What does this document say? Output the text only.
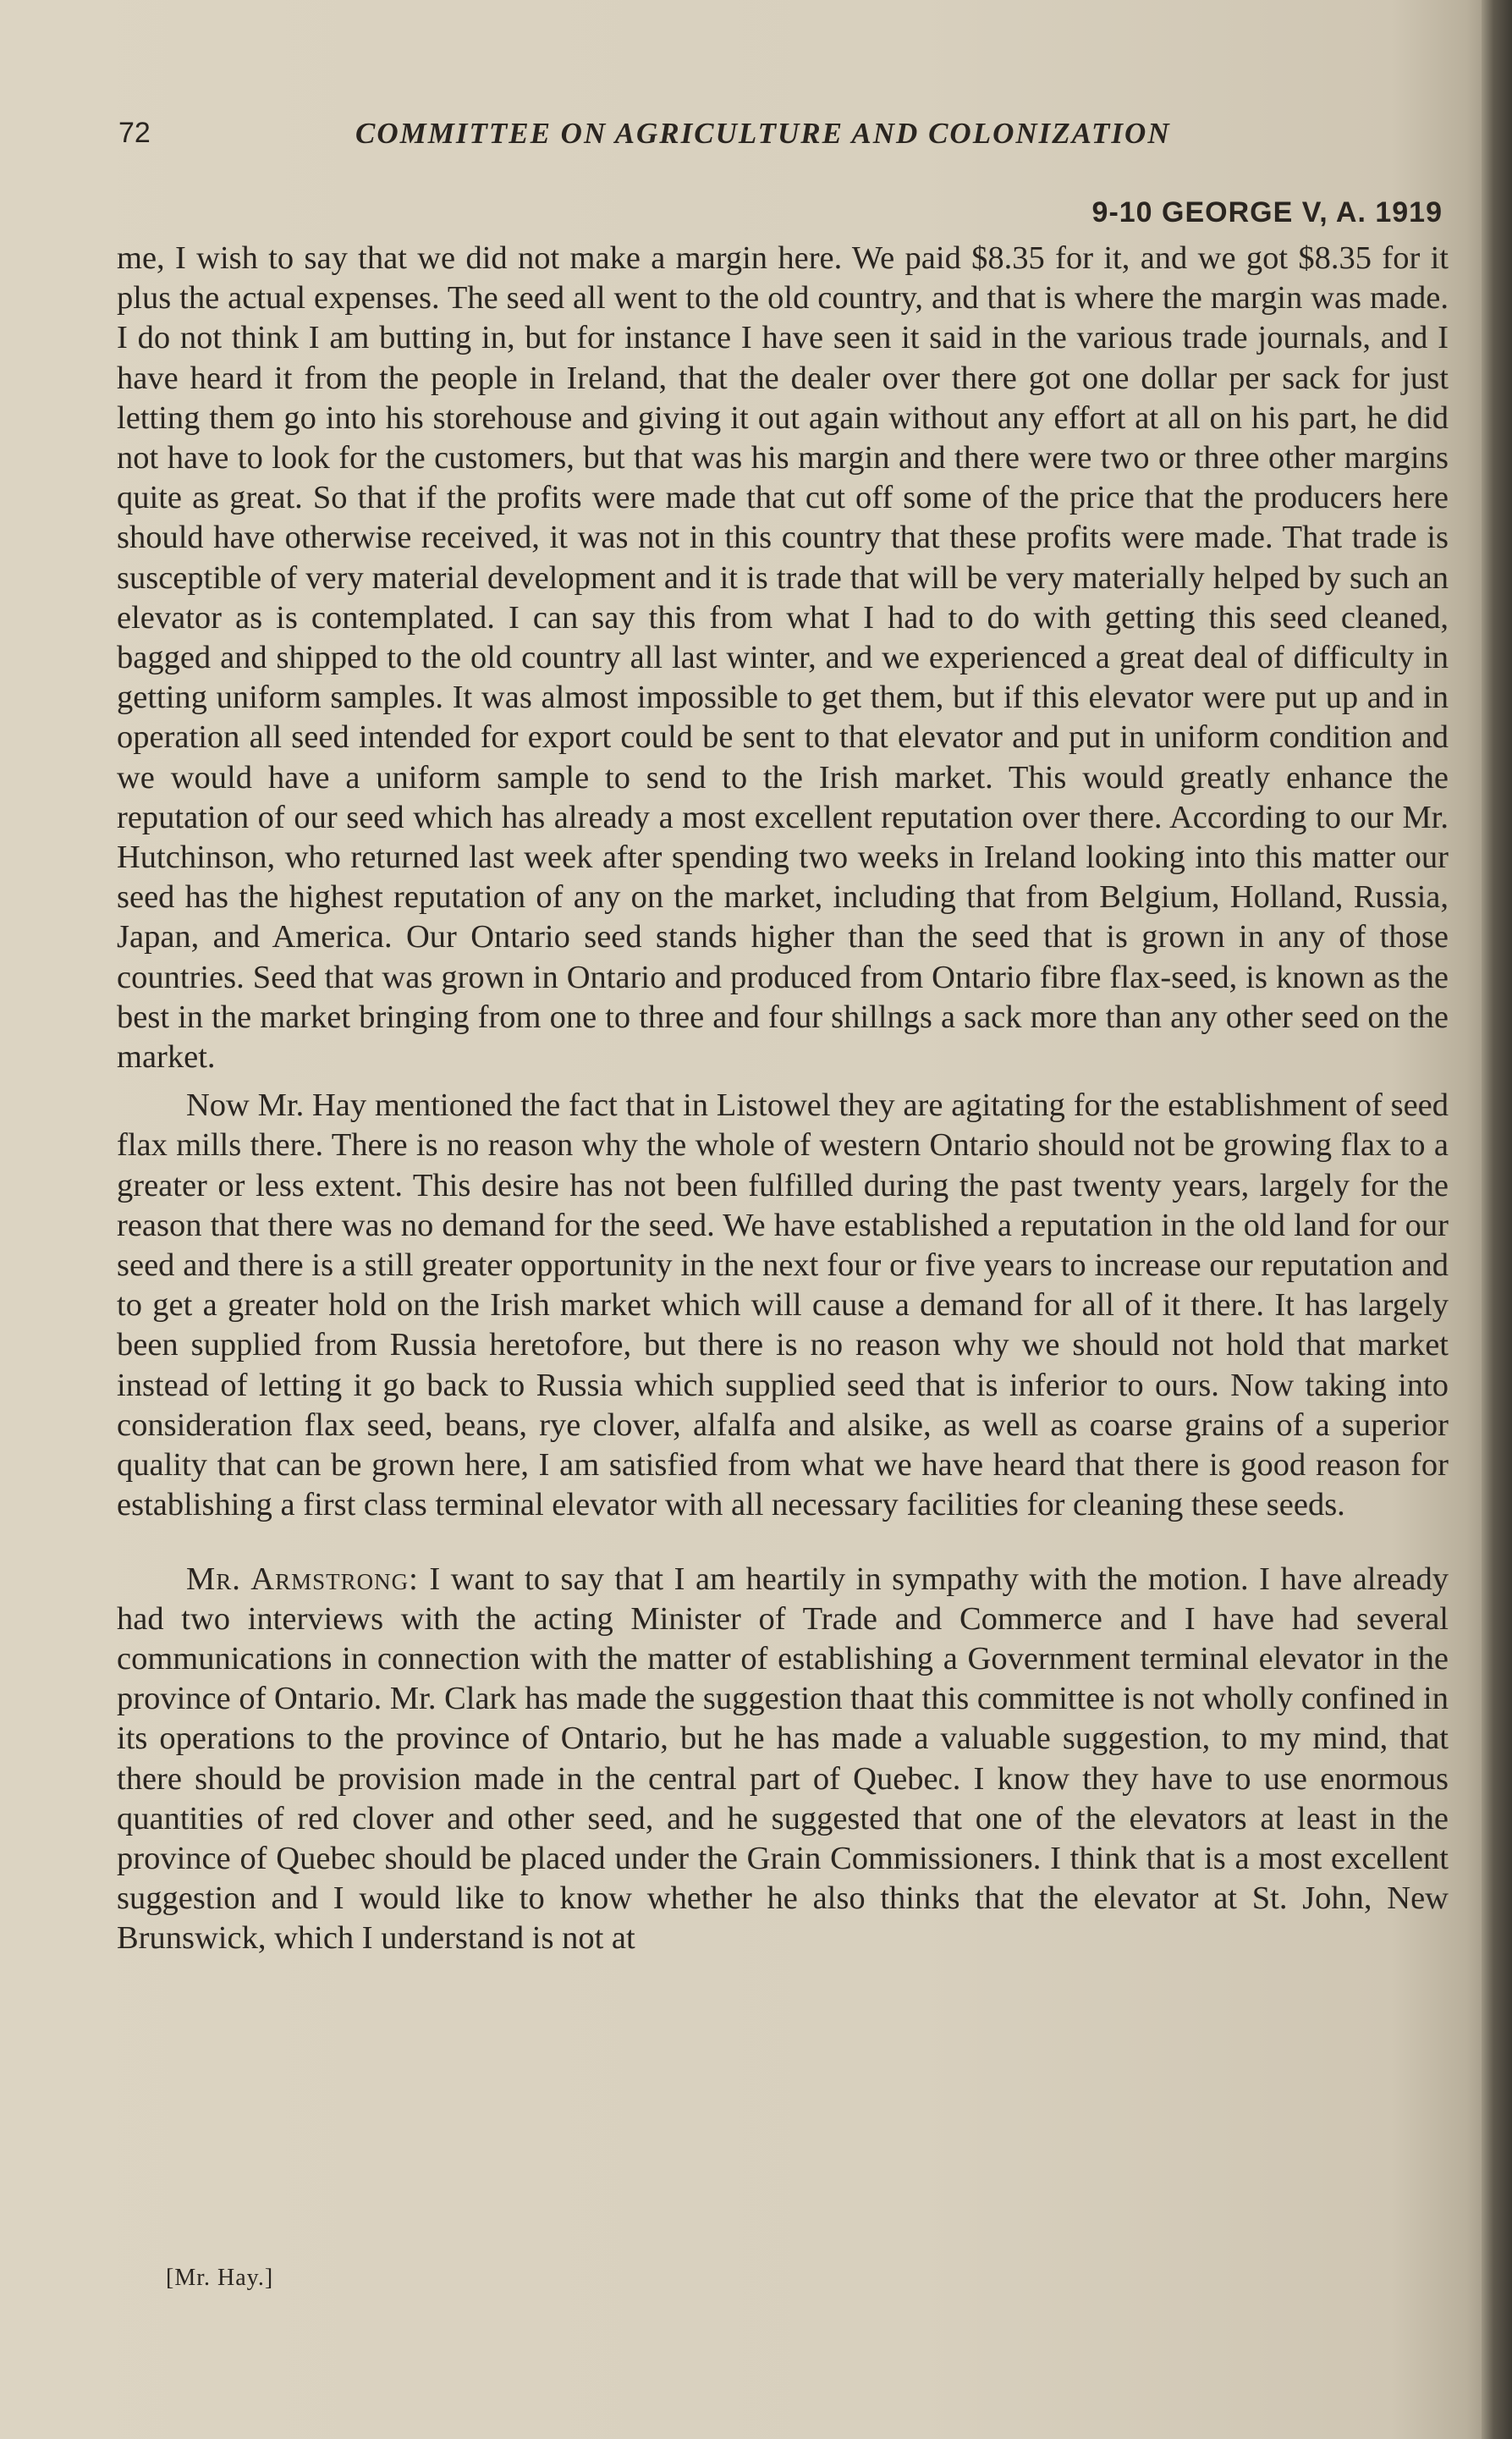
72	COMMITTEE ON AGRICULTURE AND COLONIZATION
9-10 GEORGE V, A. 1919

me, I wish to say that we did not make a margin here. We paid $8.35 for it, and we got $8.35 for it plus the actual expenses. The seed all went to the old country, and that is where the margin was made. I do not think I am butting in, but for instance I have seen it said in the various trade journals, and I have heard it from the people in Ireland, that the dealer over there got one dollar per sack for just letting them go into his storehouse and giving it out again without any effort at all on his part, he did not have to look for the customers, but that was his margin and there were two or three other margins quite as great. So that if the profits were made that cut off some of the price that the producers here should have otherwise received, it was not in this country that these profits were made. That trade is susceptible of very material development and it is trade that will be very materially helped by such an elevator as is contemplated. I can say this from what I had to do with getting this seed cleaned, bagged and shipped to the old country all last winter, and we experienced a great deal of difficulty in getting uniform samples. It was almost impossible to get them, but if this elevator were put up and in operation all seed intended for export could be sent to that elevator and put in uniform condition and we would have a uniform sample to send to the Irish market. This would greatly enhance the reputation of our seed which has already a most excellent reputation over there. According to our Mr. Hutchinson, who returned last week after spending two weeks in Ireland looking into this matter our seed has the highest reputation of any on the market, including that from Belgium, Holland, Russia, Japan, and America. Our Ontario seed stands higher than the seed that is grown in any of those countries. Seed that was grown in Ontario and produced from Ontario fibre flax-seed, is known as the best in the market bringing from one to three and four shillngs a sack more than any other seed on the market.

Now Mr. Hay mentioned the fact that in Listowel they are agitating for the establishment of seed flax mills there. There is no reason why the whole of western Ontario should not be growing flax to a greater or less extent. This desire has not been fulfilled during the past twenty years, largely for the reason that there was no demand for the seed. We have established a reputation in the old land for our seed and there is a still greater opportunity in the next four or five years to increase our reputation and to get a greater hold on the Irish market which will cause a demand for all of it there. It has largely been supplied from Russia heretofore, but there is no reason why we should not hold that market instead of letting it go back to Russia which supplied seed that is inferior to ours. Now taking into consideration flax seed, beans, rye clover, alfalfa and alsike, as well as coarse grains of a superior quality that can be grown here, I am satisfied from what we have heard that there is good reason for establishing a first class terminal elevator with all necessary facilities for cleaning these seeds.

Mr. Armstrong: I want to say that I am heartily in sympathy with the motion. I have already had two interviews with the acting Minister of Trade and Commerce and I have had several communications in connection with the matter of establishing a Government terminal elevator in the province of Ontario. Mr. Clark has made the suggestion thaat this committee is not wholly confined in its operations to the province of Ontario, but he has made a valuable suggestion, to my mind, that there should be provision made in the central part of Quebec. I know they have to use enormous quantities of red clover and other seed, and he suggested that one of the elevators at least in the province of Quebec should be placed under the Grain Commissioners. I think that is a most excellent suggestion and I would like to know whether he also thinks that the elevator at St. John, New Brunswick, which I understand is not at

[Mr. Hay.]
